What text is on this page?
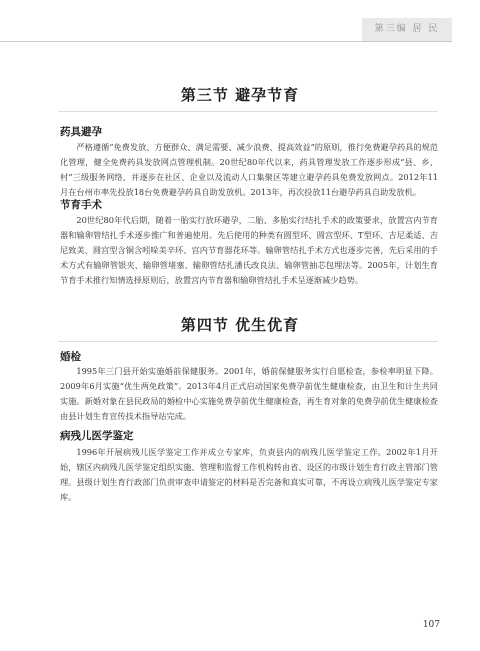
第三编 居 民
第三节 避孕节育
药具避孕

严格遵循“免费发放、方便群众、满足需要、减少浪费、提高效益”的原则，推行免费避孕药具的规范化管理，健全免费药具发放网点管理机制。20世纪80年代以来，药具管理发放工作逐步形成“县、乡、村”三级服务网络，并逐步在社区、企业以及流动人口集聚区等建立避孕药具免费发放网点。2012年11月在台州市率先投放18台免费避孕药具自助发放机。2013年，再次投放11台避孕药具自助发放机。

节育手术

20世纪80年代后期，随着一胎实行放环避孕，二胎、多胎实行结扎手术的政策要求，放置宫内节育器和输卵管结扎手术逐步推广和普遍使用。先后使用的种类有圆型环、圆宫型环、T型环、吉尼柔适、吉尼致美、圆宫型含铜含吲哚美辛环、宫内节育器花环等。输卵管结扎手术方式也逐步完善，先后采用的手术方式有输卵管银夹、输卵管堵塞、输卵管结扎潘氏改良法、输卵管抽芯包埋法等。2005年，计划生育节育手术推行知情选择原则后，放置宫内节育器和输卵管结扎手术呈逐渐减少趋势。

第四节 优生优育
婚检

1995年三门县开始实施婚前保健服务。2001年，婚前保健服务实行自愿检查，参检率明显下降。2009年6月实施“优生两免政策”。2013年4月正式启动国家免费孕前优生健康检查，由卫生和计生共同实施。新婚对象在县民政局的婚检中心实施免费孕前优生健康检查，再生育对象的免费孕前优生健康检查由县计划生育宣传技术指导站完成。

病残儿医学鉴定

1996年开展病残儿医学鉴定工作并成立专家库，负责县内的病残儿医学鉴定工作。2002年1月开始，辖区内病残儿医学鉴定组织实施、管理和监督工作机构转由省、设区的市级计划生育行政主管部门管理。县级计划生育行政部门负责审查申请鉴定的材料是否完备和真实可靠，不再设立病残儿医学鉴定专家库。

107
